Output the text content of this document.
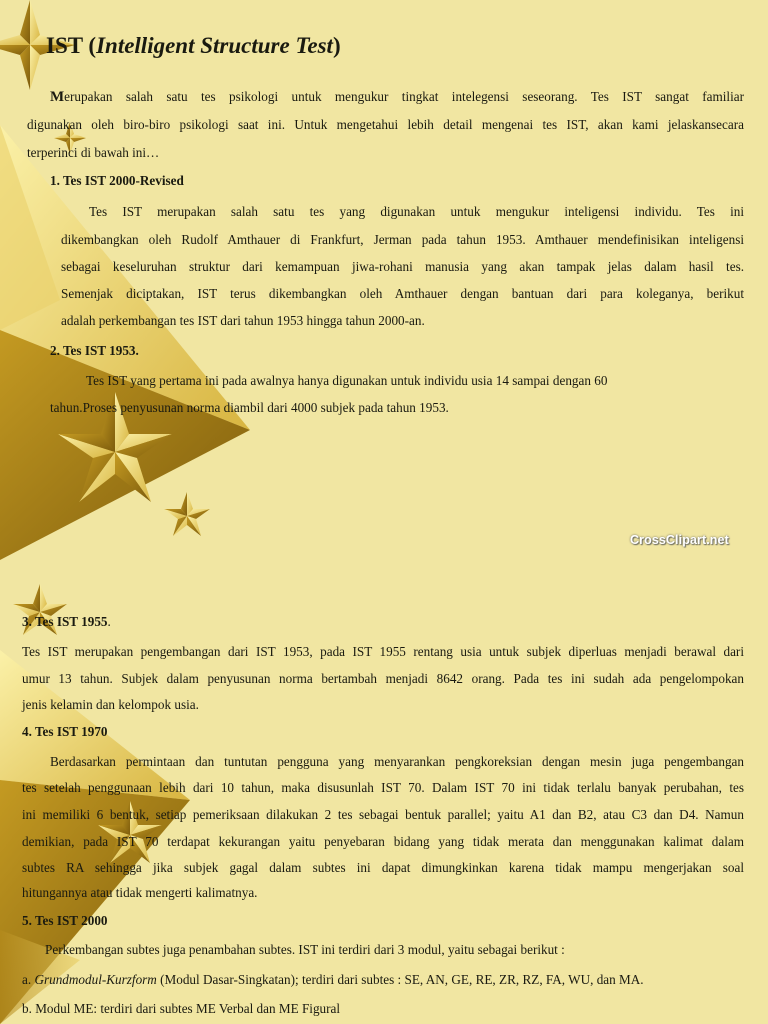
IST (Intelligent Structure Test)
Merupakan salah satu tes psikologi untuk mengukur tingkat intelegensi seseorang. Tes IST sangat familiar
digunakan oleh biro-biro psikologi saat ini. Untuk mengetahui lebih detail mengenai tes IST, akan kami jelaskansecara
terperinci di bawah ini…
1. Tes IST 2000-Revised
Tes IST merupakan salah satu tes yang digunakan untuk mengukur inteligensi individu. Tes ini
dikembangkan oleh Rudolf Amthauer di Frankfurt, Jerman pada tahun 1953. Amthauer mendefinisikan inteligensi
sebagai keseluruhan struktur dari kemampuan jiwa-rohani manusia yang akan tampak jelas dalam hasil tes.
Semenjak diciptakan, IST terus dikembangkan oleh Amthauer dengan bantuan dari para koleganya, berikut
adalah perkembangan tes IST dari tahun 1953 hingga tahun 2000-an.
2. Tes IST 1953.
Tes IST yang pertama ini pada awalnya hanya digunakan untuk individu usia 14 sampai dengan 60
tahun.Proses penyusunan norma diambil dari 4000 subjek pada tahun 1953.
CrossClipart.net
3. Tes IST 1955.
Tes IST merupakan pengembangan dari IST 1953, pada IST 1955 rentang usia untuk subjek diperluas menjadi berawal dari
umur 13 tahun. Subjek dalam penyusunan norma bertambah menjadi 8642 orang. Pada tes ini sudah ada pengelompokan
jenis kelamin dan kelompok usia.
4. Tes IST 1970
Berdasarkan permintaan dan tuntutan pengguna yang menyarankan pengkoreksian dengan mesin juga pengembangan
tes setelah penggunaan lebih dari 10 tahun, maka disusunlah IST 70. Dalam IST 70 ini tidak terlalu banyak perubahan, tes
ini memiliki 6 bentuk, setiap pemeriksaan dilakukan 2 tes sebagai bentuk parallel; yaitu A1 dan B2, atau C3 dan D4. Namun
demikian, pada IST 70 terdapat kekurangan yaitu penyebaran bidang yang tidak merata dan menggunakan kalimat dalam
subtes RA sehingga jika subjek gagal dalam subtes ini dapat dimungkinkan karena tidak mampu mengerjakan soal
hitungannya atau tidak mengerti kalimatnya.
5. Tes IST 2000
Perkembangan subtes juga penambahan subtes. IST ini terdiri dari 3 modul, yaitu sebagai berikut :
a. Grundmodul-Kurzform (Modul Dasar-Singkatan); terdiri dari subtes : SE, AN, GE, RE, ZR, RZ, FA, WU, dan MA.
b. Modul ME: terdiri dari subtes ME Verbal dan ME Figural
